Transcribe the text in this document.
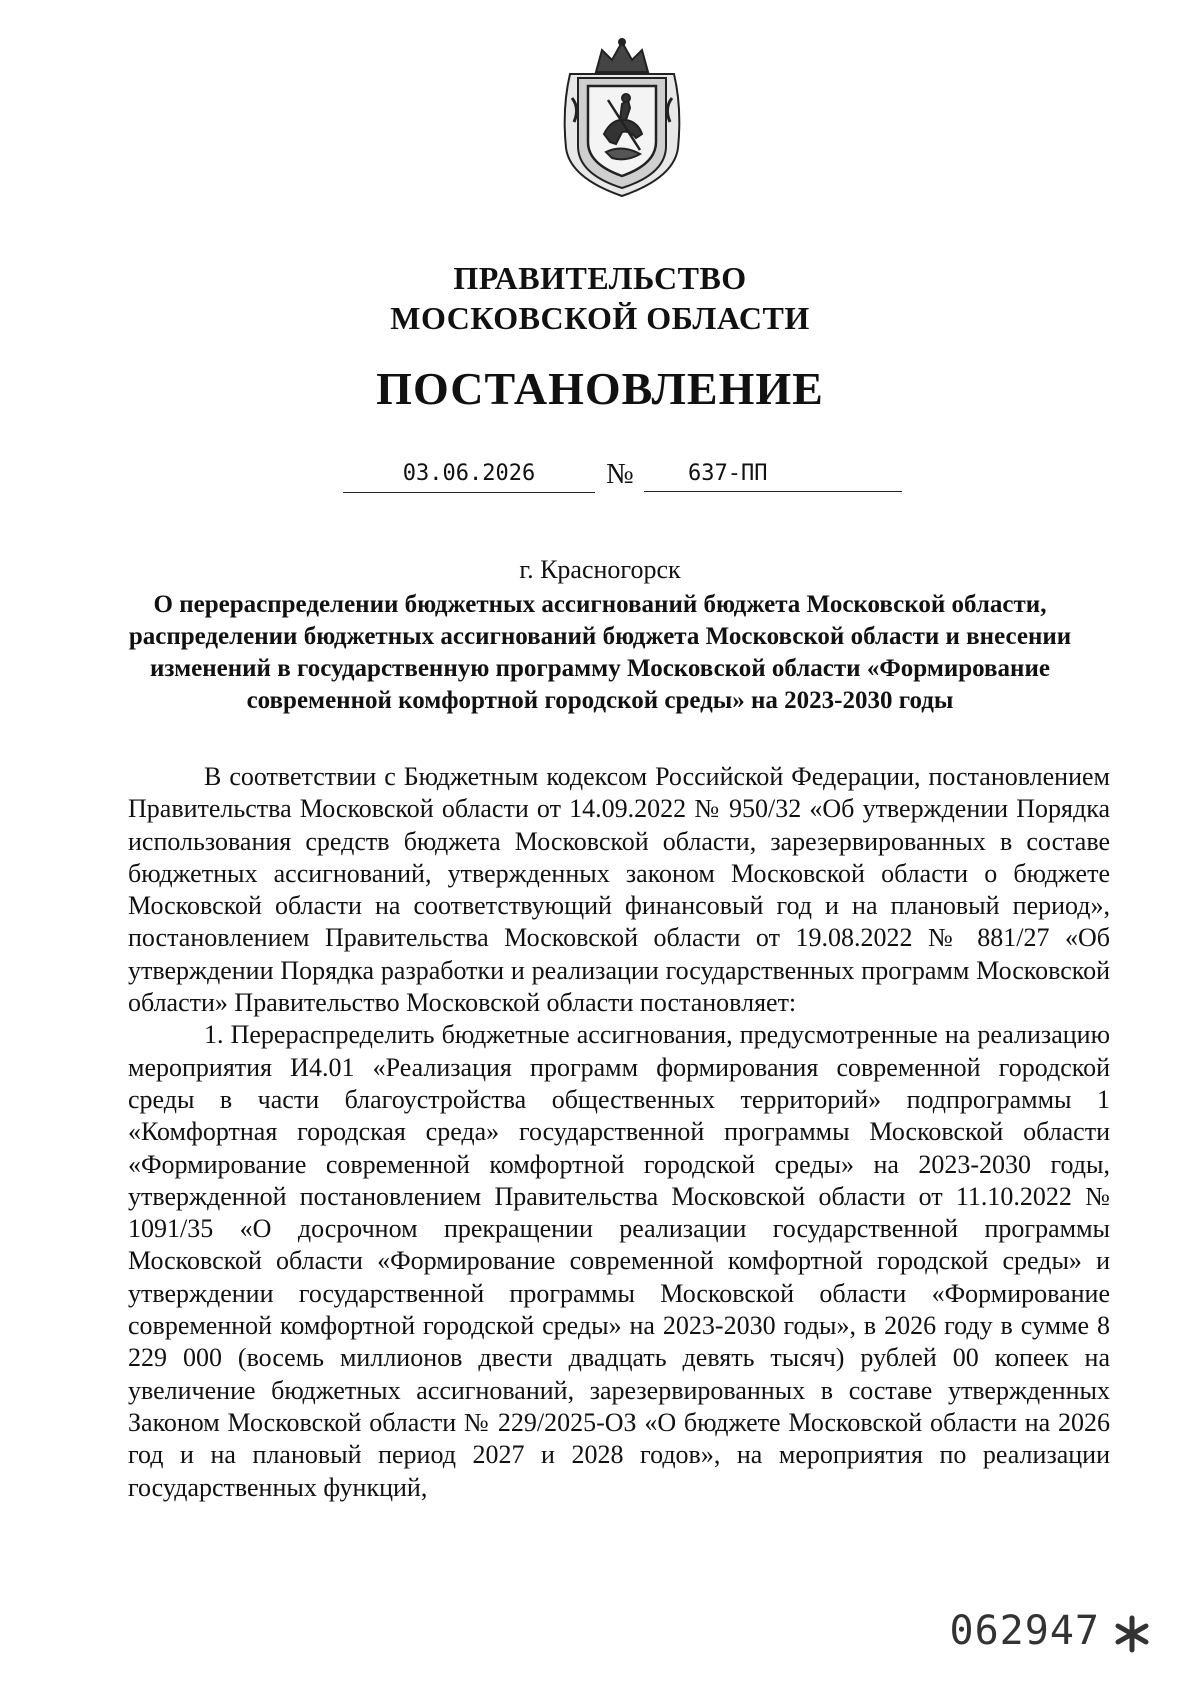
ПРАВИТЕЛЬСТВО
МОСКОВСКОЙ ОБЛАСТИ
ПОСТАНОВЛЕНИЕ
03.06.2026	№	637-ПП
г. Красногорск
О перераспределении бюджетных ассигнований бюджета Московской области, распределении бюджетных ассигнований бюджета Московской области и внесении изменений в государственную программу Московской области «Формирование современной комфортной городской среды» на 2023-2030 годы

В соответствии с Бюджетным кодексом Российской Федерации, постановлением Правительства Московской области от 14.09.2022 № 950/32 «Об утверждении Порядка использования средств бюджета Московской области, зарезервированных в составе бюджетных ассигнований, утвержденных законом Московской области о бюджете Московской области на соответствующий финансовый год и на плановый период», постановлением Правительства Московской области от 19.08.2022 № 881/27 «Об утверждении Порядка разработки и реализации государственных программ Московской области» Правительство Московской области постановляет:

1. Перераспределить бюджетные ассигнования, предусмотренные на реализацию мероприятия И4.01 «Реализация программ формирования современной городской среды в части благоустройства общественных территорий» подпрограммы 1 «Комфортная городская среда» государственной программы Московской области «Формирование современной комфортной городской среды» на 2023-2030 годы, утвержденной постановлением Правительства Московской области от 11.10.2022 № 1091/35 «О досрочном прекращении реализации государственной программы Московской области «Формирование современной комфортной городской среды» и утверждении государственной программы Московской области «Формирование современной комфортной городской среды» на 2023-2030 годы», в 2026 году в сумме 8 229 000 (восемь миллионов двести двадцать девять тысяч) рублей 00 копеек на увеличение бюджетных ассигнований, зарезервированных в составе утвержденных Законом Московской области № 229/2025-ОЗ «О бюджете Московской области на 2026 год и на плановый период 2027 и 2028 годов», на мероприятия по реализации государственных функций,

062947
